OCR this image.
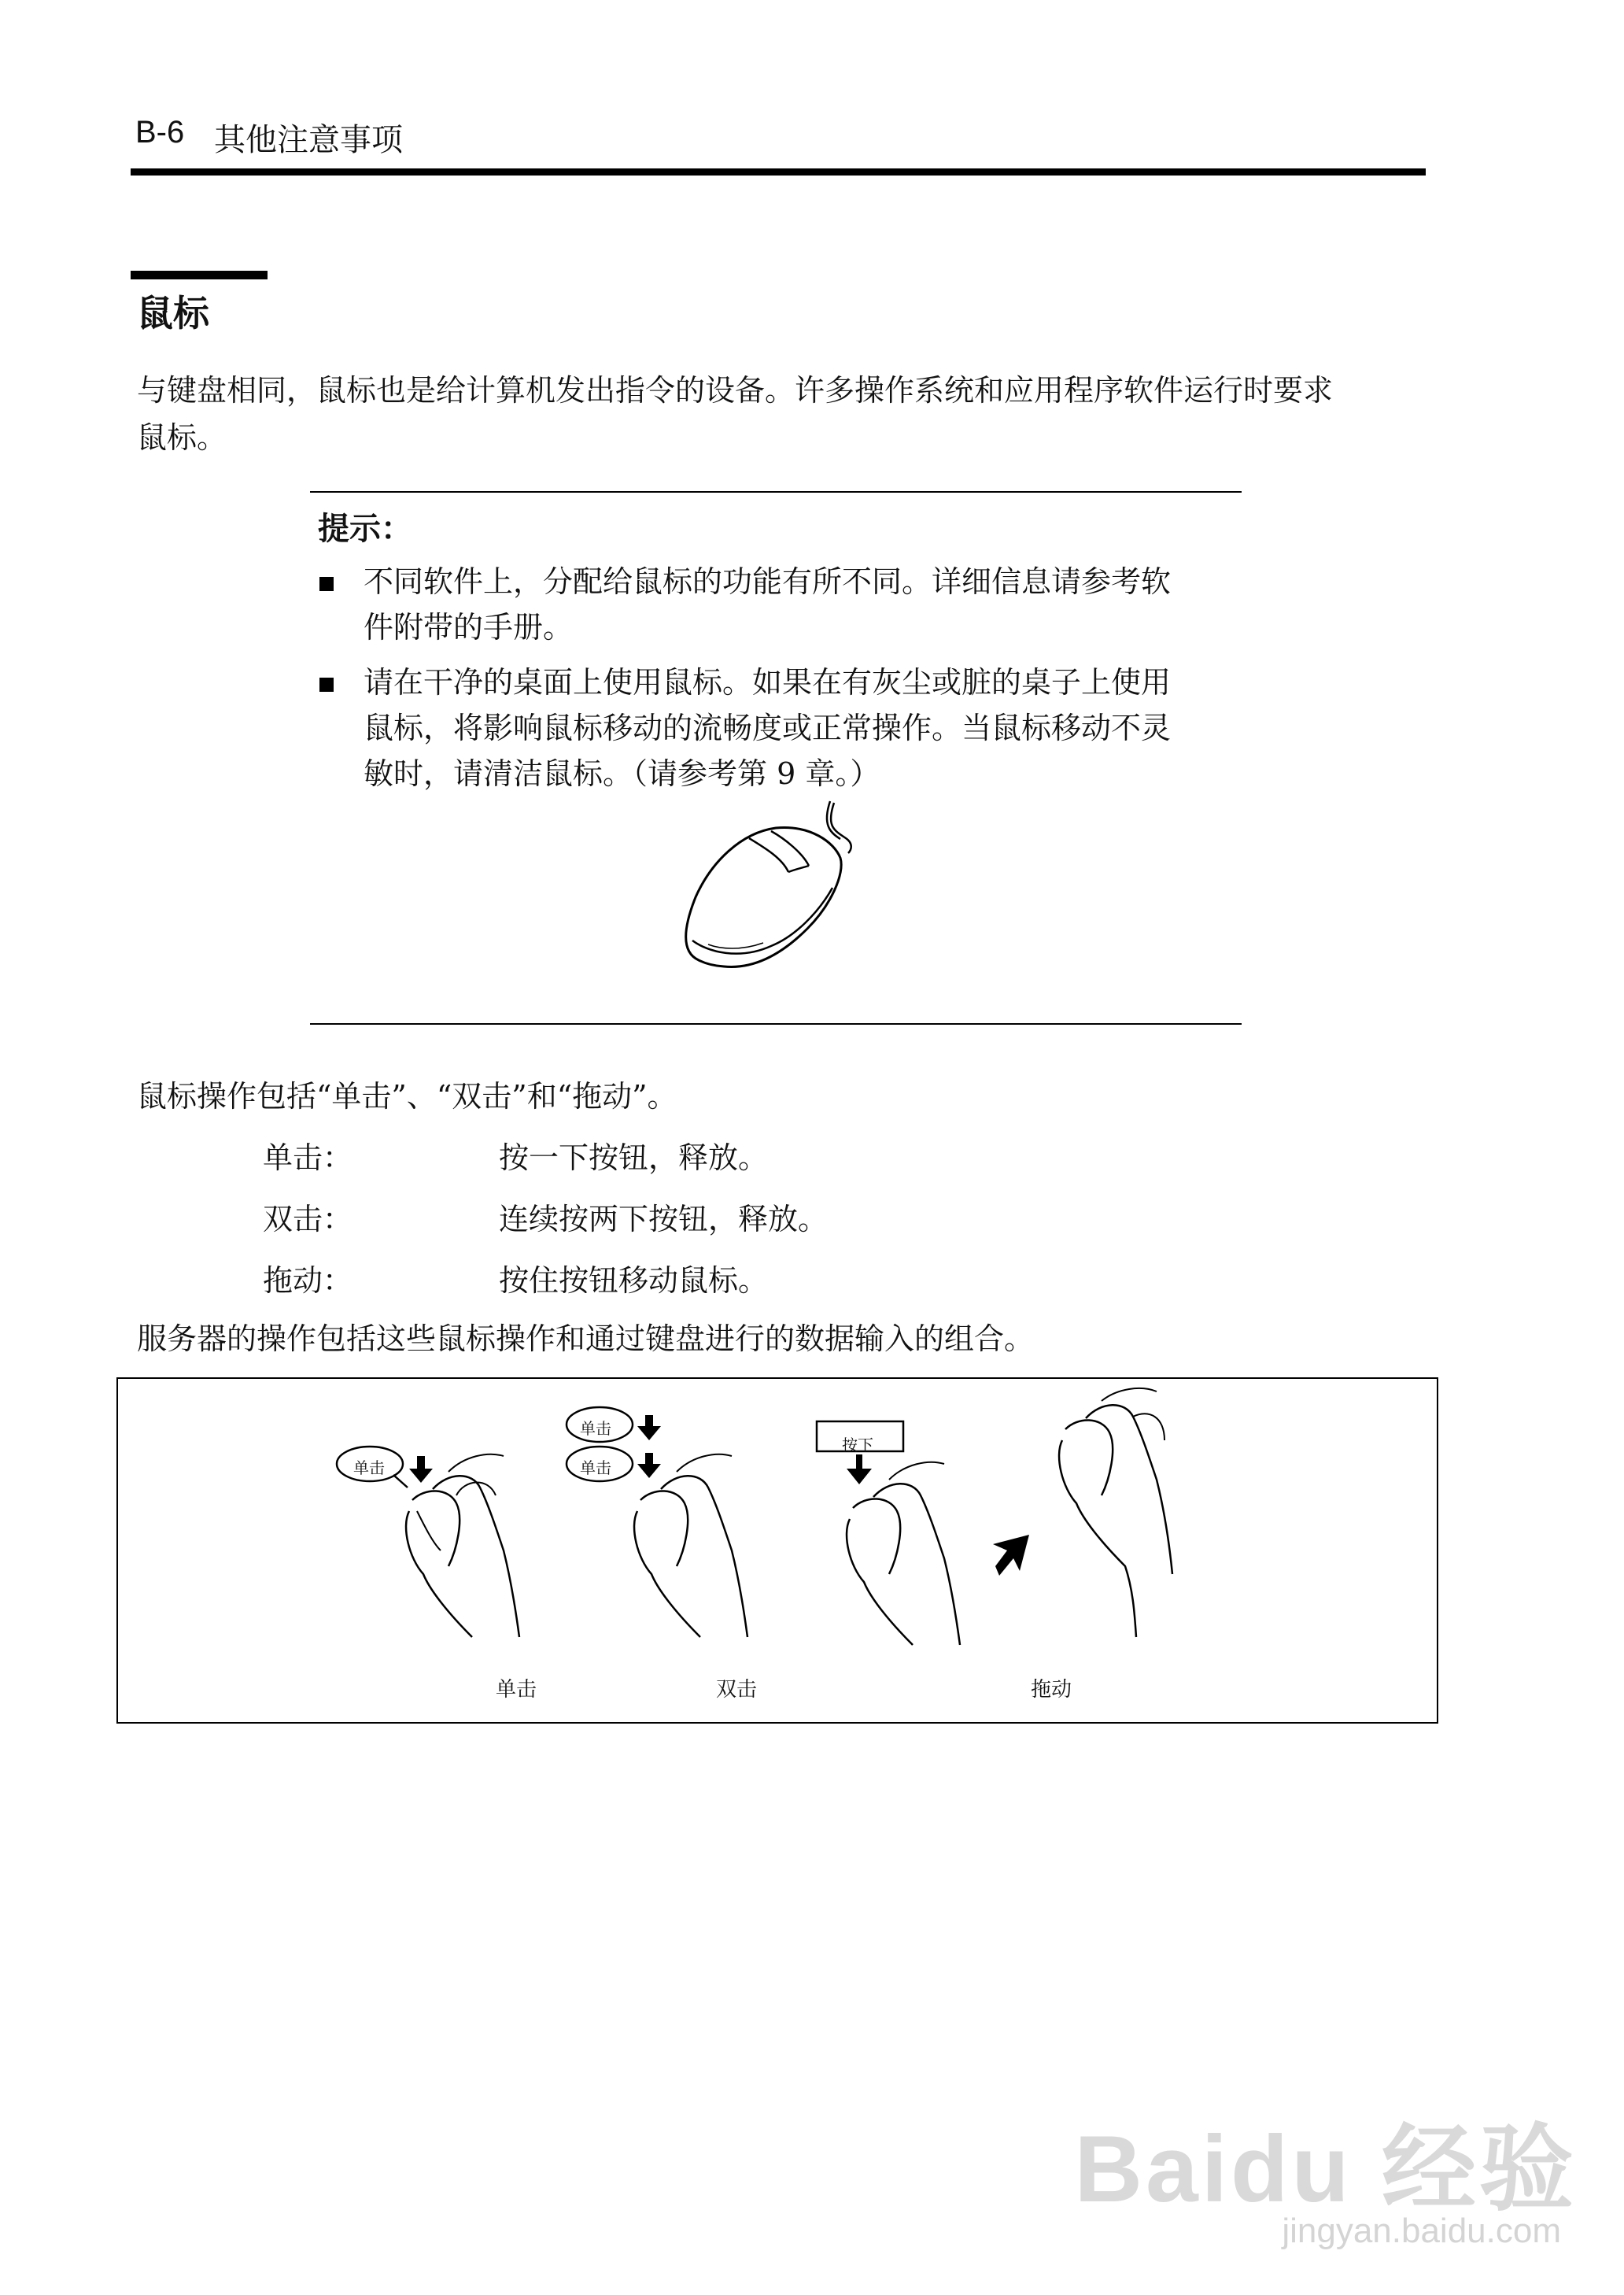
B-6 其他注意事项
鼠标
与键盘相同，鼠标也是给计算机发出指令的设备。许多操作系统和应用程序软件运行时要求
鼠标。
提示：
不同软件上，分配给鼠标的功能有所不同。详细信息请参考软
件附带的手册。
请在干净的桌面上使用鼠标。如果在有灰尘或脏的桌子上使用
鼠标，将影响鼠标移动的流畅度或正常操作。当鼠标移动不灵
敏时，请清洁鼠标。（请参考第 9 章。）
鼠标操作包括“单击”、“双击”和“拖动”。
单击：	按一下按钮，释放。
双击：	连续按两下按钮，释放。
拖动：	按住按钮移动鼠标。
服务器的操作包括这些鼠标操作和通过键盘进行的数据输入的组合。
单击
单击
单击
按下
单击	双击	拖动
Baidu 经验
jingyan.baidu.com
